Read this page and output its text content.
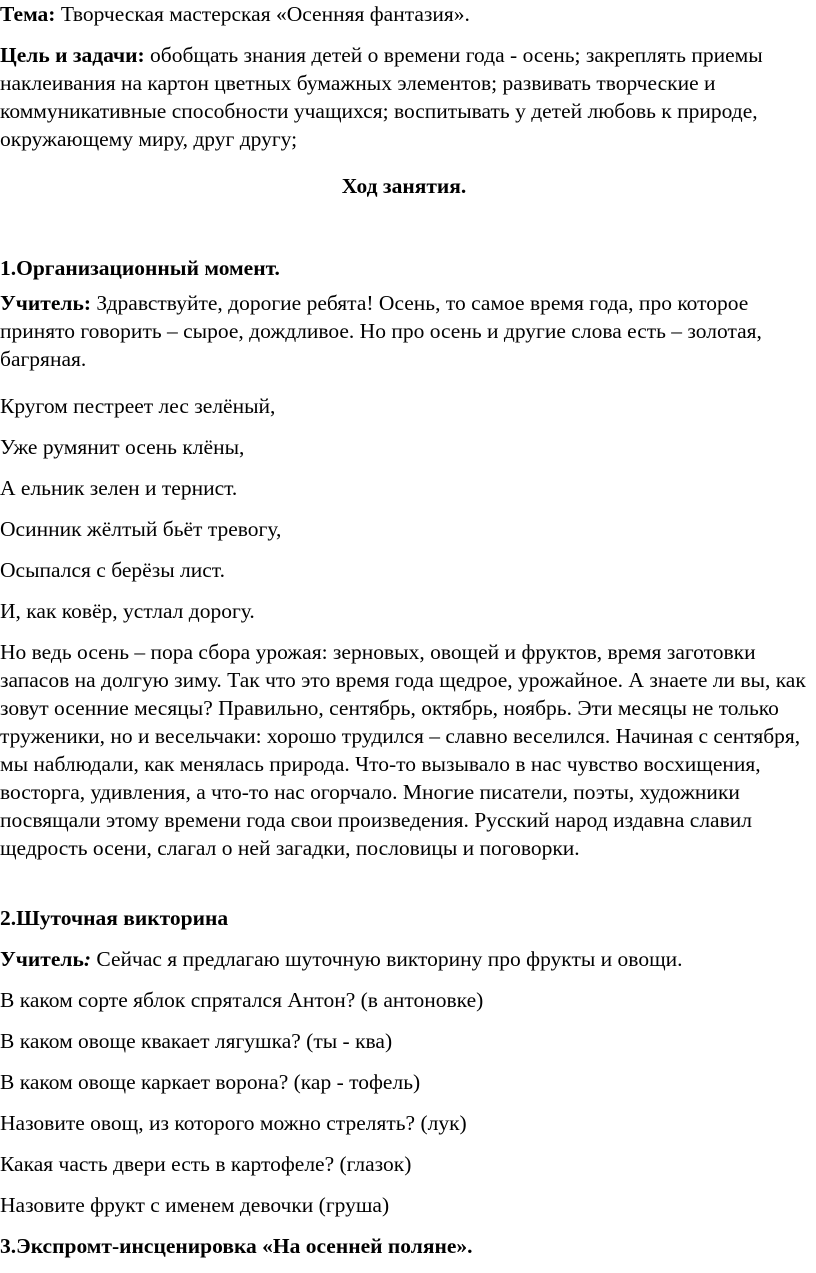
Тема: Творческая мастерская «Осенняя фантазия».

Цель и задачи: обобщать знания детей о времени года - осень; закреплять приемы наклеивания на картон цветных бумажных элементов; развивать творческие и коммуникативные способности учащихся; воспитывать у детей любовь к природе, окружающему миру, друг другу;

Ход занятия.

1.Организационный момент.

Учитель: Здравствуйте, дорогие ребята! Осень, то самое время года, про которое принято говорить – сырое, дождливое. Но про осень и другие слова есть – золотая, багряная.

Кругом пестреет лес зелёный,

Уже румянит осень клёны,

А ельник зелен и тернист.

Осинник жёлтый бьёт тревогу,

Осыпался с берёзы лист.

И, как ковёр, устлал дорогу.

Но ведь осень – пора сбора урожая: зерновых, овощей и фруктов, время заготовки запасов на долгую зиму. Так что это время года щедрое, урожайное. А знаете ли вы, как зовут осенние месяцы? Правильно, сентябрь, октябрь, ноябрь. Эти месяцы не только труженики, но и весельчаки: хорошо трудился – славно веселился. Начиная с сентября, мы наблюдали, как менялась природа. Что-то вызывало в нас чувство восхищения, восторга, удивления, а что-то нас огорчало. Многие писатели, поэты, художники посвящали этому времени года свои произведения. Русский народ издавна славил щедрость осени, слагал о ней загадки, пословицы и поговорки.

2.Шуточная викторина

Учитель: Сейчас я предлагаю шуточную викторину про фрукты и овощи.

В каком сорте яблок спрятался Антон? (в антоновке)

В каком овоще квакает лягушка? (ты - ква)

В каком овоще каркает ворона? (кар - тофель)

Назовите овощ, из которого можно стрелять? (лук)

Какая часть двери есть в картофеле? (глазок)

Назовите фрукт с именем девочки (груша)

3.Экспромт-инсценировка «На осенней поляне».
